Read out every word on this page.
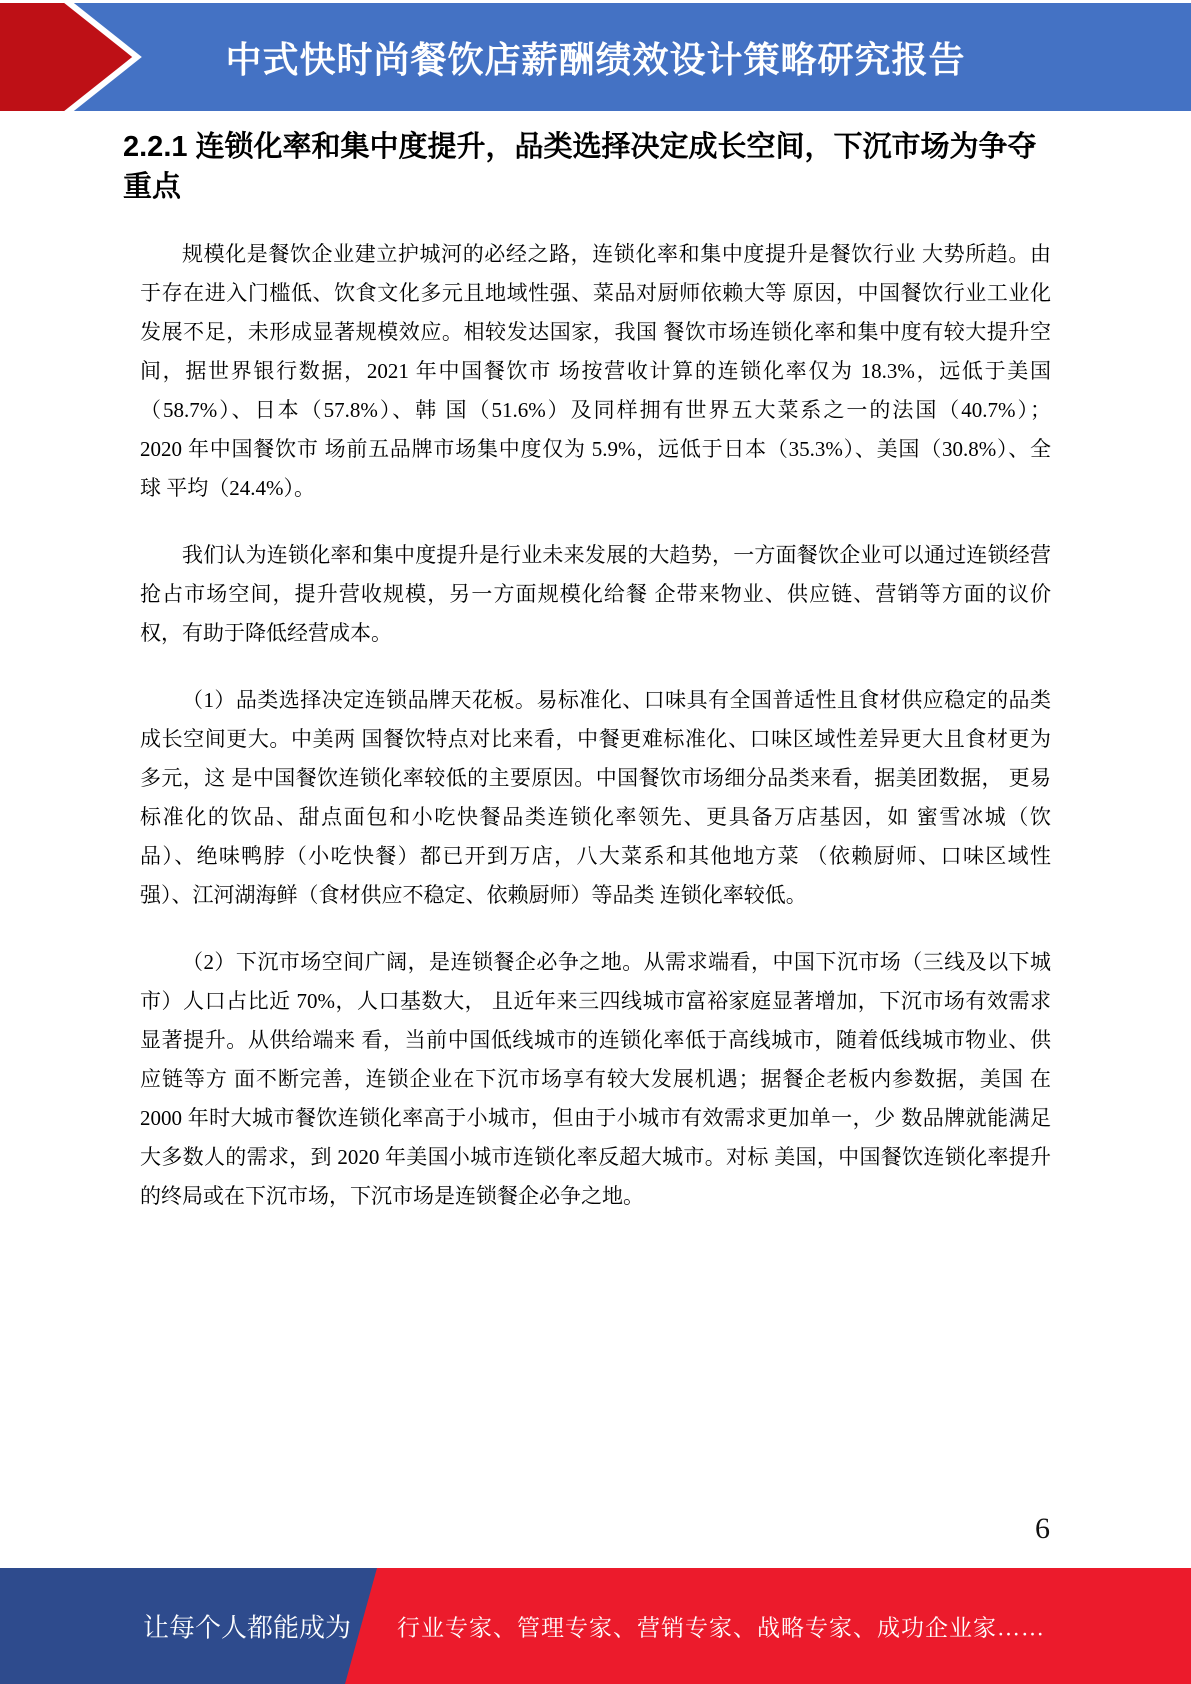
中式快时尚餐饮店薪酬绩效设计策略研究报告
2.2.1 连锁化率和集中度提升，品类选择决定成长空间，下沉市场为争夺
重点

规模化是餐饮企业建立护城河的必经之路，连锁化率和集中度提升是餐饮行业 大势所趋。由
于存在进入门槛低、饮食文化多元且地域性强、菜品对厨师依赖大等 原因，中国餐饮行业工业化
发展不足，未形成显著规模效应。相较发达国家，我国 餐饮市场连锁化率和集中度有较大提升空
间，据世界银行数据，2021 年中国餐饮市 场按营收计算的连锁化率仅为 18.3%，远低于美国
（58.7%）、日本（57.8%）、韩 国（51.6%）及同样拥有世界五大菜系之一的法国（40.7%）；
2020 年中国餐饮市 场前五品牌市场集中度仅为 5.9%，远低于日本（35.3%）、美国（30.8%）、全
球 平均（24.4%）。

我们认为连锁化率和集中度提升是行业未来发展的大趋势，一方面餐饮企业可以通过连锁经营
抢占市场空间，提升营收规模，另一方面规模化给餐 企带来物业、供应链、营销等方面的议价
权，有助于降低经营成本。

（1）品类选择决定连锁品牌天花板。易标准化、口味具有全国普适性且食材供应稳定的品类
成长空间更大。中美两 国餐饮特点对比来看，中餐更难标准化、口味区域性差异更大且食材更为
多元，这 是中国餐饮连锁化率较低的主要原因。中国餐饮市场细分品类来看，据美团数据， 更易
标准化的饮品、甜点面包和小吃快餐品类连锁化率领先、更具备万店基因，如 蜜雪冰城（饮
品）、绝味鸭脖（小吃快餐）都已开到万店，八大菜系和其他地方菜 （依赖厨师、口味区域性
强）、江河湖海鲜（食材供应不稳定、依赖厨师）等品类 连锁化率较低。

（2）下沉市场空间广阔，是连锁餐企必争之地。从需求端看，中国下沉市场（三线及以下城
市）人口占比近 70%，人口基数大， 且近年来三四线城市富裕家庭显著增加，下沉市场有效需求
显著提升。从供给端来 看，当前中国低线城市的连锁化率低于高线城市，随着低线城市物业、供
应链等方 面不断完善，连锁企业在下沉市场享有较大发展机遇；据餐企老板内参数据，美国 在
2000 年时大城市餐饮连锁化率高于小城市，但由于小城市有效需求更加单一，少 数品牌就能满足
大多数人的需求，到 2020 年美国小城市连锁化率反超大城市。对标 美国，中国餐饮连锁化率提升
的终局或在下沉市场，下沉市场是连锁餐企必争之地。

6
让每个人都能成为 行业专家、管理专家、营销专家、战略专家、成功企业家……
